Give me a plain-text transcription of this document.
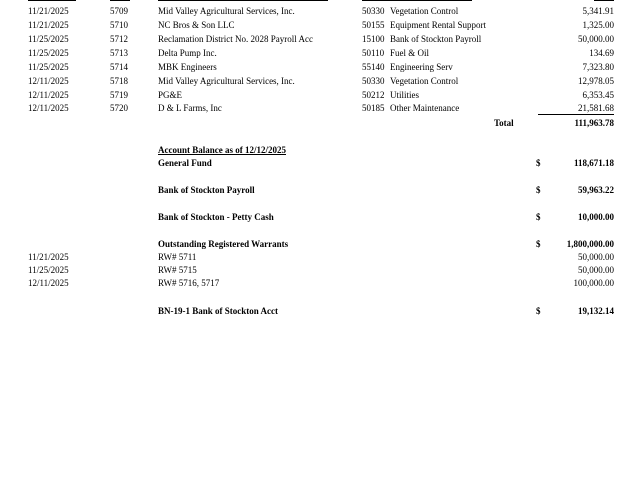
11/21/2025	5709	Mid Valley Agricultural Services, Inc.	50330 Vegetation Control	5,341.91
11/21/2025	5710	NC Bros & Son LLC	50155 Equipment Rental Support	1,325.00
11/25/2025	5712	Reclamation District No. 2028 Payroll Acc	15100 Bank of Stockton Payroll	50,000.00
11/25/2025	5713	Delta Pump Inc.	50110 Fuel & Oil	134.69
11/25/2025	5714	MBK Engineers	55140 Engineering Serv	7,323.80
12/11/2025	5718	Mid Valley Agricultural Services, Inc.	50330 Vegetation Control	12,978.05
12/11/2025	5719	PG&E	50212 Utilities	6,353.45
12/11/2025	5720	D & L Farms, Inc	50185 Other Maintenance	21,581.68
Total	111,963.78
Account Balance as of 12/12/2025
General Fund	$	118,671.18
Bank of Stockton Payroll	$	59,963.22
Bank of Stockton - Petty Cash	$	10,000.00
Outstanding Registered Warrants	$	1,800,000.00
11/21/2025	RW# 5711	50,000.00
11/25/2025	RW# 5715	50,000.00
12/11/2025	RW# 5716, 5717	100,000.00
BN-19-1 Bank of Stockton Acct	$	19,132.14
